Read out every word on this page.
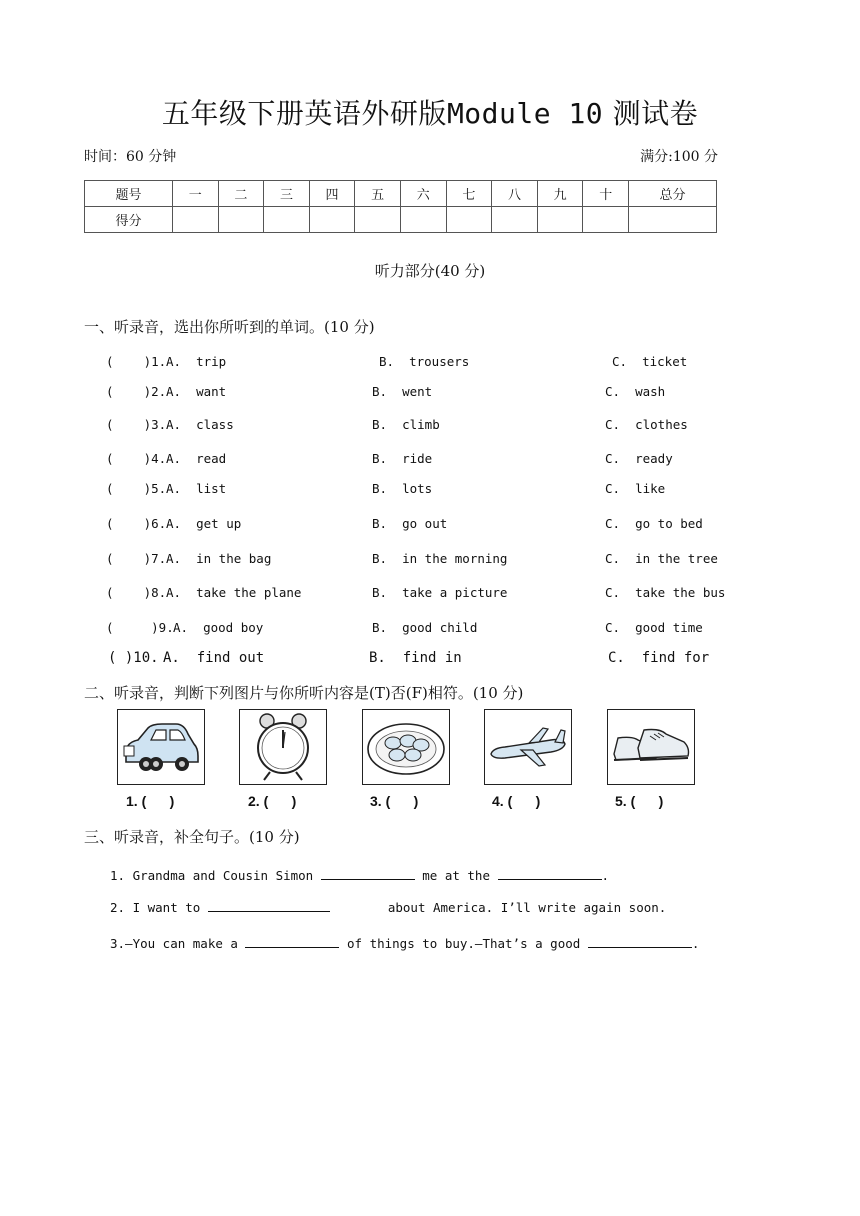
五年级下册英语外研版Module 10 测试卷
时间：60 分钟	满分:100 分
题号	一	二	三	四	五	六	七	八	九	十	总分
得分											
听力部分(40 分)
一、听录音，选出你所听到的单词。(10 分)
(    )1. A.  trip	B.  trousers	C.  ticket
(    )2. A.  want	B.  went	C.  wash
(    )3. A.  class	B.  climb	C.  clothes
(    )4. A.  read	B.  ride	C.  ready
(    )5. A.  list	B.  lots	C.  like
(    )6. A.  get up	B.  go out	C.  go to bed
(    )7. A.  in the bag	B.  in the morning	C.  in the tree
(    )8. A.  take the plane	B.  take a picture	C.  take the bus
(     )9. A.  good boy	B.  good child	C.  good time
( )10. A.  find out	B.  find in	C.  find for
二、听录音，判断下列图片与你所听内容是(T)否(F)相符。(10 分)
1. (      )	2. (      )	3. (      )	4. (      )	5. (      )
三、听录音，补全句子。(10 分)
1. Grandma and Cousin Simon	me at the	.
2. I want to	about America. I’ll write again soon.
3.—You can make a	of things to buy.—That’s a good	.
